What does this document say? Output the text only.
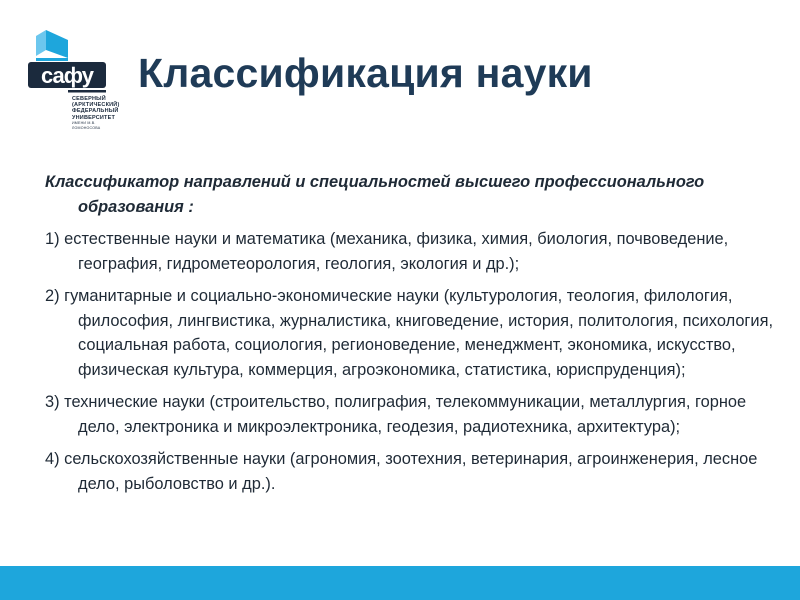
сафу
СЕВЕРНЫЙ
(АРКТИЧЕСКИЙ)
ФЕДЕРАЛЬНЫЙ
УНИВЕРСИТЕТ
ИМЕНИ М.В. ЛОМОНОСОВА
Классификация науки

Классификатор направлений и специальностей высшего профессионального образования :

1) естественные науки и математика (механика, физика, химия, биология, почвоведение, география, гидрометеорология, геология, экология и др.);

2) гуманитарные и социально-экономические науки (культурология, теология, филология, философия, лингвистика, журналистика, книговедение, история, политология, психология, социальная работа, социология, регионоведение, менеджмент, экономика, искусство, физическая культура, коммерция, агроэкономика, статистика, юриспруденция);

3) технические науки (строительство, полиграфия, телекоммуникации, металлургия, горное дело, электроника и микроэлектроника, геодезия, радиотехника, архитектура);

4) сельскохозяйственные науки (агрономия, зоотехния, ветеринария, агроинженерия, лесное дело, рыболовство и др.).
